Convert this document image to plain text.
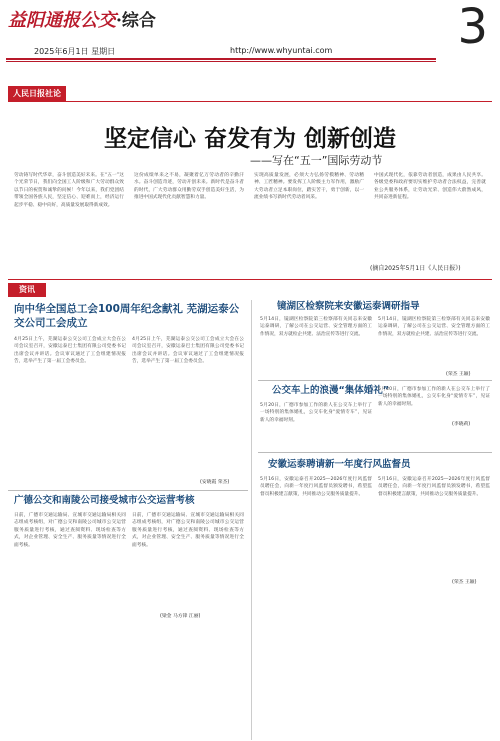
益阳通报公交·综合	3
2025年6月1日 星期日	http://www.whyuntai.com
人民日报社论
坚定信心 奋发有为 创新创造
——写在“五一”国际劳动节
劳动铸写时代华章，奋斗创造美好未来。在“五一”这个光荣节日，我们向全国工人阶级和广大劳动群众致以节日的祝贺和诚挚的问候！今年以来，我们党团结带领全国各族人民，坚定信心、迎难而上，经济运行起步平稳、稳中向好，高质量发展取得新成效。
这份成绩单来之不易，凝聚着亿万劳动者的辛勤汗水。奋斗创造奇迹，劳动开创未来。新时代是奋斗者的时代，广大劳动群众用勤劳双手创造美好生活，为推进中国式现代化贡献智慧和力量。
实现高质量发展，必须大力弘扬劳模精神、劳动精神、工匠精神。要发挥工人阶级主力军作用，激励广大劳动者立足本职岗位，踏实苦干，勇于创新，以一流业绩书写新时代劳动者风采。
中国式现代化，依靠劳动者创造，成果由人民共享。各级党委和政府要切实维护劳动者合法权益，完善就业公共服务体系，让劳动光荣、创造伟大蔚然成风，共同奋进新征程。
(摘自2025年5月1日《人民日报》)
资讯
向中华全国总工会100周年纪念献礼 芜湖运泰公交公司工会成立
4月25日上午，芜湖运泰公交公司工会成立大会在公司会议室召开，安徽运泰巴士集团有限公司党委书记出席会议并讲话。会议审议通过了工会组建情况报告，选举产生了第一届工会委员会。
4月25日上午，芜湖运泰公交公司工会成立大会在公司会议室召开，安徽运泰巴士集团有限公司党委书记出席会议并讲话。会议审议通过了工会组建情况报告，选举产生了第一届工会委员会。
(安晓霞 荣杰)
镜湖区检察院来安徽运泰调研指导
5月14日，镜湖区检察院第三检察部有关同志来安徽运泰调研，了解公司在公交运营、安全管理方面的工作情况，双方就检企共建、法治宣传等进行交流。
5月14日，镜湖区检察院第三检察部有关同志来安徽运泰调研，了解公司在公交运营、安全管理方面的工作情况，双方就检企共建、法治宣传等进行交流。
(荣杰 王颖)
公交车上的浪漫“集体婚礼”
5月20日，广德市参加工作的新人在公交车上举行了一场特别的集体婚礼，公交车化身“爱情专车”，见证新人的幸福时刻。
5月20日，广德市参加工作的新人在公交车上举行了一场特别的集体婚礼，公交车化身“爱情专车”，见证新人的幸福时刻。
(李晓莉)
广德公交和南陵公司接受城市公交运营考核
日前，广德市交通运输局、宣城市交通运输局相关同志组成考核组，对广德公交和南陵公司城市公交运营服务质量进行考核，通过查阅资料、现场检查等方式，对企业管理、安全生产、服务质量等情况进行全面考核。
日前，广德市交通运输局、宣城市交通运输局相关同志组成考核组，对广德公交和南陵公司城市公交运营服务质量进行考核，通过查阅资料、现场检查等方式，对企业管理、安全生产、服务质量等情况进行全面考核。
(梁金 马方锋 江丽)
安徽运泰聘请新一年度行风监督员
5月16日，安徽运泰召开2025—2026年度行风监督员聘任会，向新一年度行风监督员颁发聘书，希望监督员积极建言献策，共同推动公交服务质量提升。
5月16日，安徽运泰召开2025—2026年度行风监督员聘任会，向新一年度行风监督员颁发聘书，希望监督员积极建言献策，共同推动公交服务质量提升。
(荣杰 王颖)
